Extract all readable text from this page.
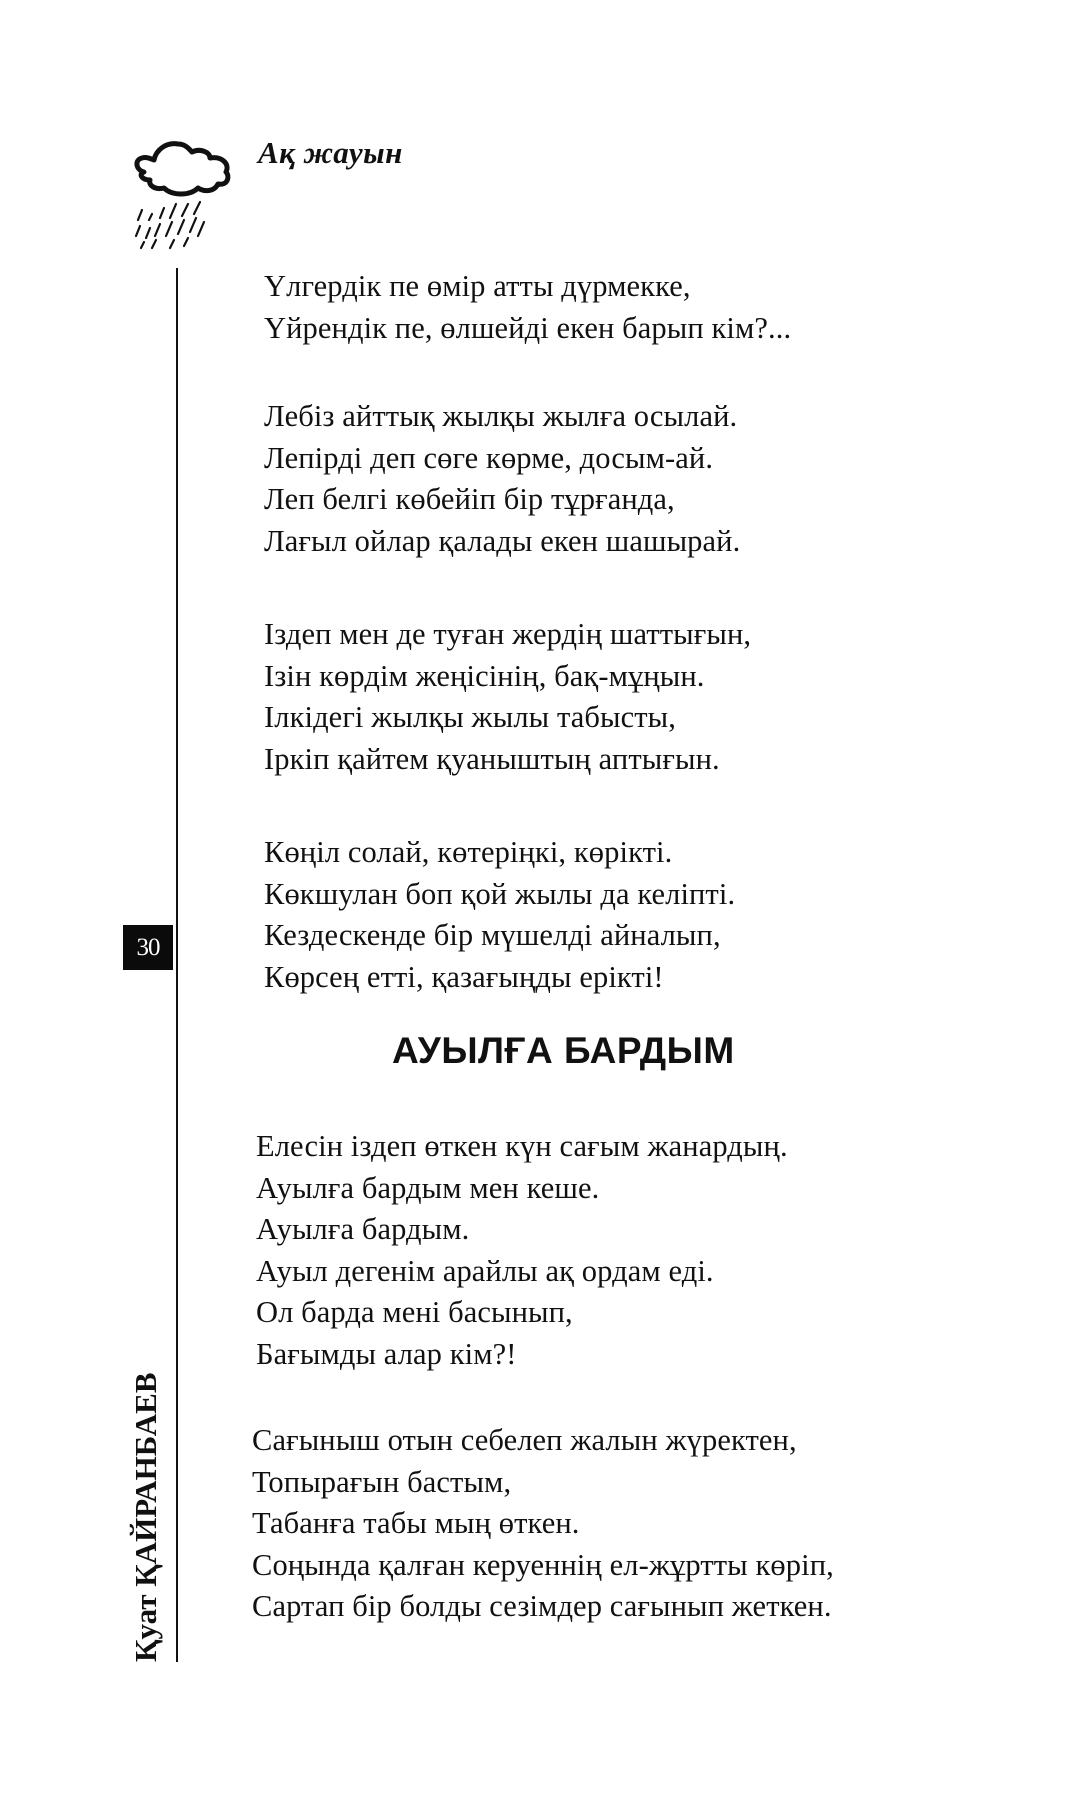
Ақ жауын
Үлгердік пе өмір атты дүрмекке,
Үйрендік пе, өлшейді екен барып кім?...
Лебіз айттық жылқы жылға осылай.
Лепірді деп сөге көрме, досым-ай.
Леп белгі көбейіп бір тұрғанда,
Лағыл ойлар қалады екен шашырай.
Іздеп мен де туған жердің шаттығын,
Ізін көрдім жеңісінің, бақ-мұңын.
Ілкідегі жылқы жылы табысты,
Іркіп қайтем қуаныштың аптығын.
Көңіл солай, көтеріңкі, көрікті.
Көкшулан боп қой жылы да келіпті.
Кездескенде бір мүшелді айналып,
Көрсең етті, қазағыңды ерікті!
30
АУЫЛҒА БАРДЫМ
Елесін іздеп өткен күн сағым жанардың.
Ауылға бардым мен кеше.
Ауылға бардым.
Ауыл дегенім арайлы ақ ордам еді.
Ол барда мені басынып,
Бағымды алар кім?!
Сағыныш отын себелеп жалын жүректен,
Топырағын бастым,
Табанға табы мың өткен.
Соңында қалған керуеннің ел-жұртты көріп,
Сартап бір болды сезімдер сағынып жеткен.
Қуат ҚАЙРАНБАЕВ
